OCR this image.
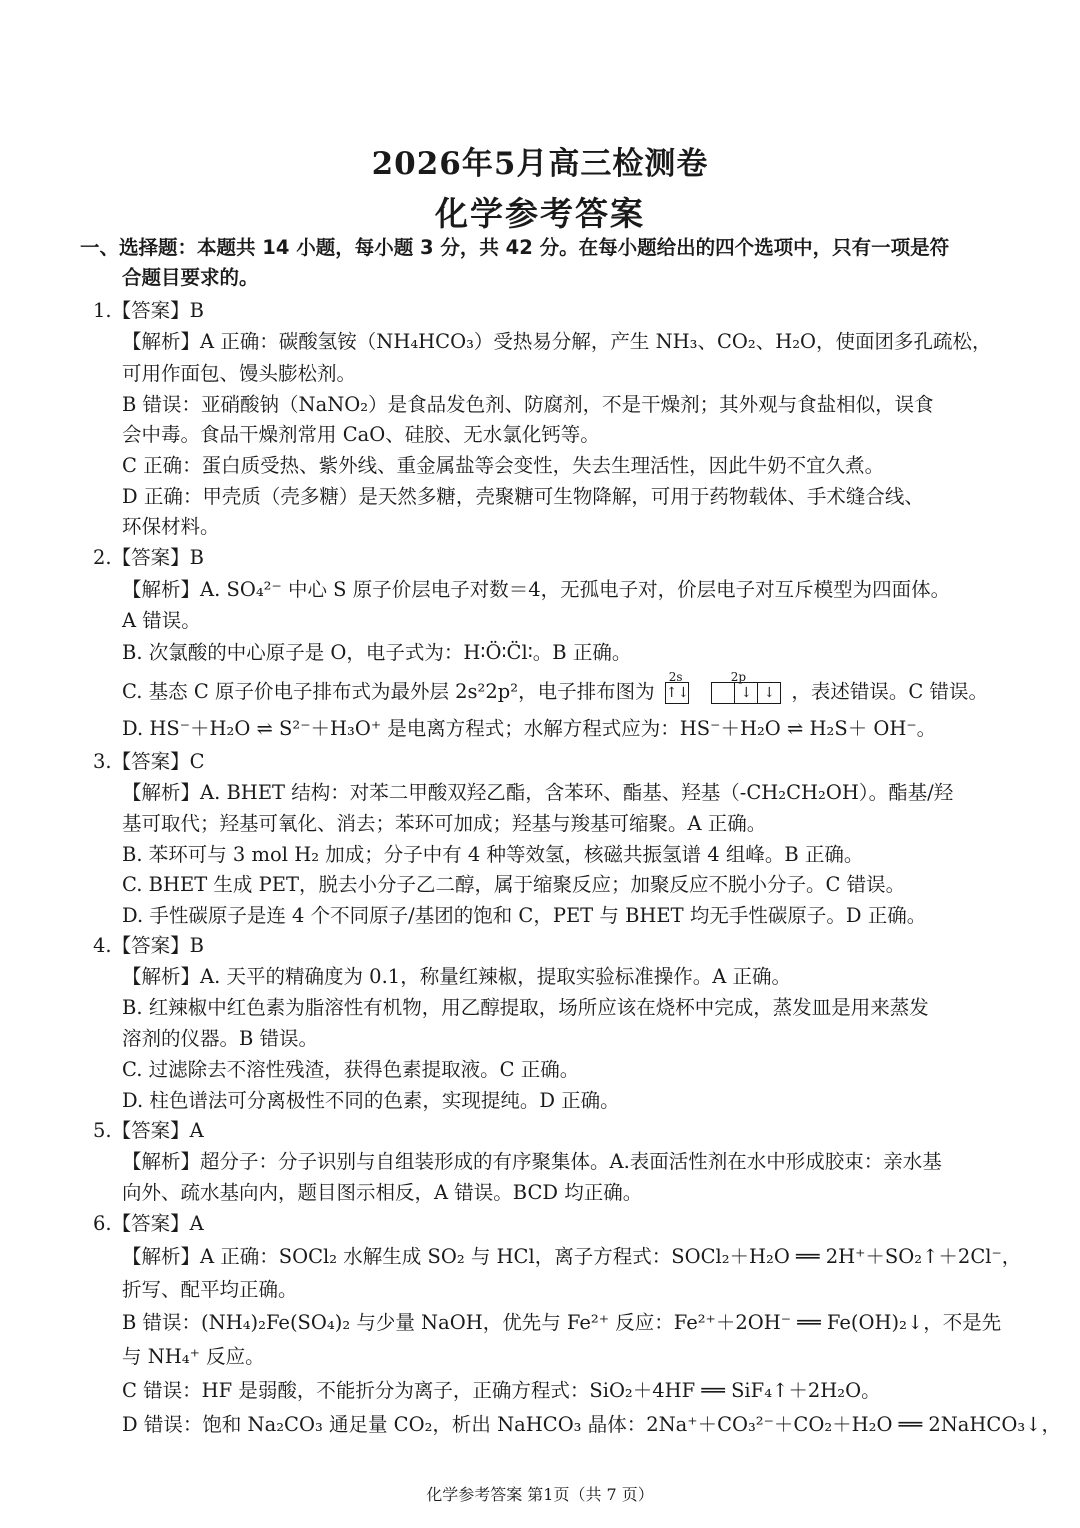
2026年5月高三检测卷
化学参考答案
一、选择题：本题共 14 小题，每小题 3 分，共 42 分。在每小题给出的四个选项中，只有一项是符
合题目要求的。
1.【答案】B
【解析】A 正确：碳酸氢铵（NH₄HCO₃）受热易分解，产生 NH₃、CO₂、H₂O，使面团多孔疏松，
可用作面包、馒头膨松剂。
B 错误：亚硝酸钠（NaNO₂）是食品发色剂、防腐剂，不是干燥剂；其外观与食盐相似，误食
会中毒。食品干燥剂常用 CaO、硅胶、无水氯化钙等。
C 正确：蛋白质受热、紫外线、重金属盐等会变性，失去生理活性，因此牛奶不宜久煮。
D 正确：甲壳质（壳多糖）是天然多糖，壳聚糖可生物降解，可用于药物载体、手术缝合线、
环保材料。
2.【答案】B
【解析】A. SO₄²⁻ 中心 S 原子价层电子对数＝4，无孤电子对，价层电子对互斥模型为四面体。
A 错误。
B. 次氯酸的中心原子是 O，电子式为：H∶Ö∶C̈l∶。B 正确。
C. 基态 C 原子价电子排布式为最外层 2s²2p²，电子排布图为
2s
↑↓
2p
↓ ↓ ，表述错误。C 错误。
D. HS⁻＋H₂O ⇌ S²⁻＋H₃O⁺ 是电离方程式；水解方程式应为：HS⁻＋H₂O ⇌ H₂S＋ OH⁻。
3.【答案】C
【解析】A. BHET 结构：对苯二甲酸双羟乙酯，含苯环、酯基、羟基（-CH₂CH₂OH）。酯基/羟
基可取代；羟基可氧化、消去；苯环可加成；羟基与羧基可缩聚。A 正确。
B. 苯环可与 3 mol H₂ 加成；分子中有 4 种等效氢，核磁共振氢谱 4 组峰。B 正确。
C. BHET 生成 PET，脱去小分子乙二醇，属于缩聚反应；加聚反应不脱小分子。C 错误。
D. 手性碳原子是连 4 个不同原子/基团的饱和 C，PET 与 BHET 均无手性碳原子。D 正确。
4.【答案】B
【解析】A. 天平的精确度为 0.1，称量红辣椒，提取实验标准操作。A 正确。
B. 红辣椒中红色素为脂溶性有机物，用乙醇提取，场所应该在烧杯中完成，蒸发皿是用来蒸发
溶剂的仪器。B 错误。
C. 过滤除去不溶性残渣，获得色素提取液。C 正确。
D. 柱色谱法可分离极性不同的色素，实现提纯。D 正确。
5.【答案】A
【解析】超分子：分子识别与自组装形成的有序聚集体。A.表面活性剂在水中形成胶束：亲水基
向外、疏水基向内，题目图示相反，A 错误。BCD 均正确。
6.【答案】A
【解析】A 正确：SOCl₂ 水解生成 SO₂ 与 HCl，离子方程式：SOCl₂＋H₂O ══ 2H⁺＋SO₂↑＋2Cl⁻，
折写、配平均正确。
B 错误：(NH₄)₂Fe(SO₄)₂ 与少量 NaOH，优先与 Fe²⁺ 反应：Fe²⁺＋2OH⁻ ══ Fe(OH)₂↓，不是先
与 NH₄⁺ 反应。
C 错误：HF 是弱酸，不能折分为离子，正确方程式：SiO₂＋4HF ══ SiF₄↑＋2H₂O。
D 错误：饱和 Na₂CO₃ 通足量 CO₂，析出 NaHCO₃ 晶体：2Na⁺＋CO₃²⁻＋CO₂＋H₂O ══ 2NaHCO₃↓，
化学参考答案 第1页（共 7 页）
